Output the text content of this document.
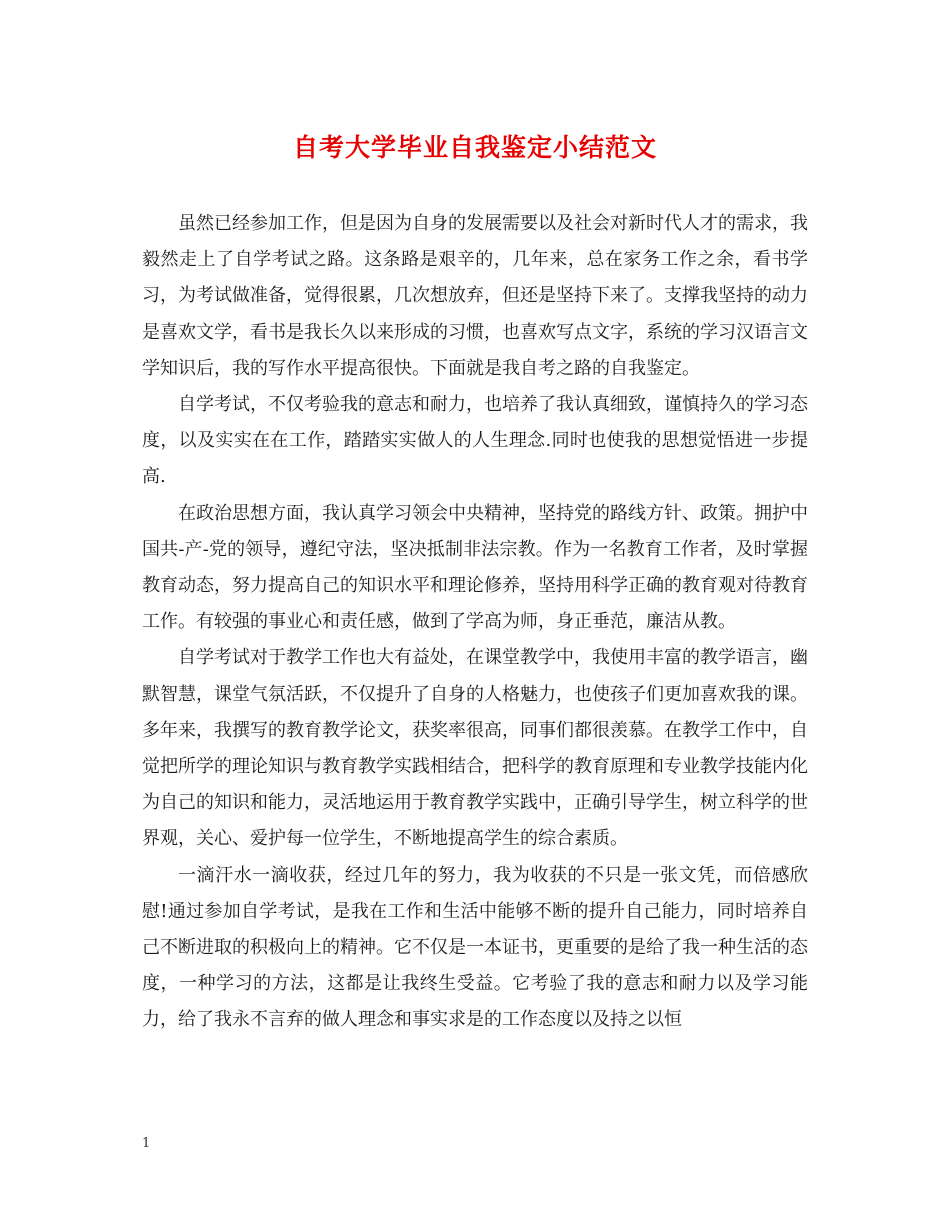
自考大学毕业自我鉴定小结范文

虽然已经参加工作，但是因为自身的发展需要以及社会对新时代人才的需求，我毅然走上了自学考试之路。这条路是艰辛的，几年来，总在家务工作之余，看书学习，为考试做准备，觉得很累，几次想放弃，但还是坚持下来了。支撑我坚持的动力是喜欢文学，看书是我长久以来形成的习惯，也喜欢写点文字，系统的学习汉语言文学知识后，我的写作水平提高很快。下面就是我自考之路的自我鉴定。

自学考试，不仅考验我的意志和耐力，也培养了我认真细致，谨慎持久的学习态度，以及实实在在工作，踏踏实实做人的人生理念.同时也使我的思想觉悟进一步提高.

在政治思想方面，我认真学习领会中央精神，坚持党的路线方针、政策。拥护中国共-产-党的领导，遵纪守法，坚决抵制非法宗教。作为一名教育工作者，及时掌握教育动态，努力提高自己的知识水平和理论修养，坚持用科学正确的教育观对待教育工作。有较强的事业心和责任感，做到了学高为师，身正垂范，廉洁从教。

自学考试对于教学工作也大有益处，在课堂教学中，我使用丰富的教学语言，幽默智慧，课堂气氛活跃，不仅提升了自身的人格魅力，也使孩子们更加喜欢我的课。多年来，我撰写的教育教学论文，获奖率很高，同事们都很羡慕。在教学工作中，自觉把所学的理论知识与教育教学实践相结合，把科学的教育原理和专业教学技能内化为自己的知识和能力，灵活地运用于教育教学实践中，正确引导学生，树立科学的世界观，关心、爱护每一位学生，不断地提高学生的综合素质。

一滴汗水一滴收获，经过几年的努力，我为收获的不只是一张文凭，而倍感欣慰!通过参加自学考试，是我在工作和生活中能够不断的提升自己能力，同时培养自己不断进取的积极向上的精神。它不仅是一本证书，更重要的是给了我一种生活的态度，一种学习的方法，这都是让我终生受益。它考验了我的意志和耐力以及学习能力，给了我永不言弃的做人理念和事实求是的工作态度以及持之以恒

1
